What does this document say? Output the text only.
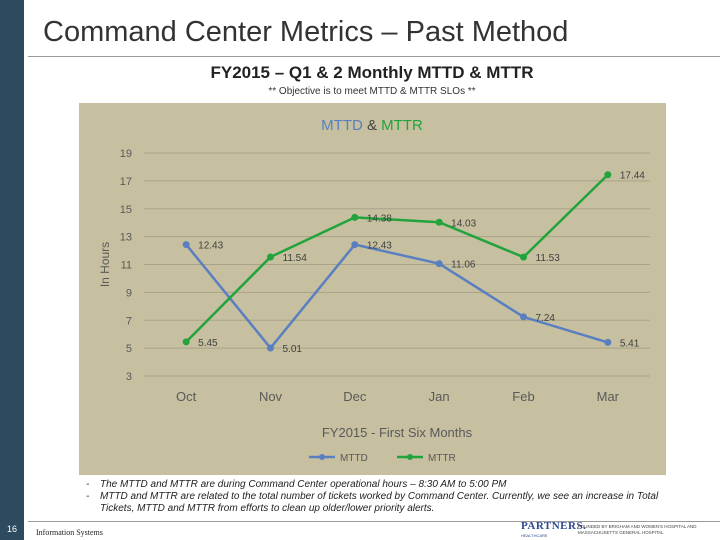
16
Command Center Metrics – Past Method
FY2015 – Q1 & 2 Monthly MTTD & MTTR
** Objective is to meet MTTD & MTTR SLOs **
MTTD & MTTR
3
5
7
9
11
13
15
17
19
Oct	Nov	Dec	Jan	Feb	Mar
In Hours
FY2015 - First Six Months
12.43
5.01
12.43
11.06
7.24
5.41
5.45
11.54
14.38	14.03
11.53
17.44
MTTD	MTTR
- The MTTD and MTTR are during Command Center operational hours – 8:30 AM to 5:00 PM
- MTTD and MTTR are related to the total number of tickets worked by Command Center. Currently, we see an increase in Total Tickets, MTTD and MTTR from efforts to clean up older/lower priority alerts.
Information Systems
PARTNERS.
HEALTHCARE
FOUNDED BY BRIGHAM AND WOMEN'S HOSPITAL AND MASSACHUSETTS GENERAL HOSPITAL
